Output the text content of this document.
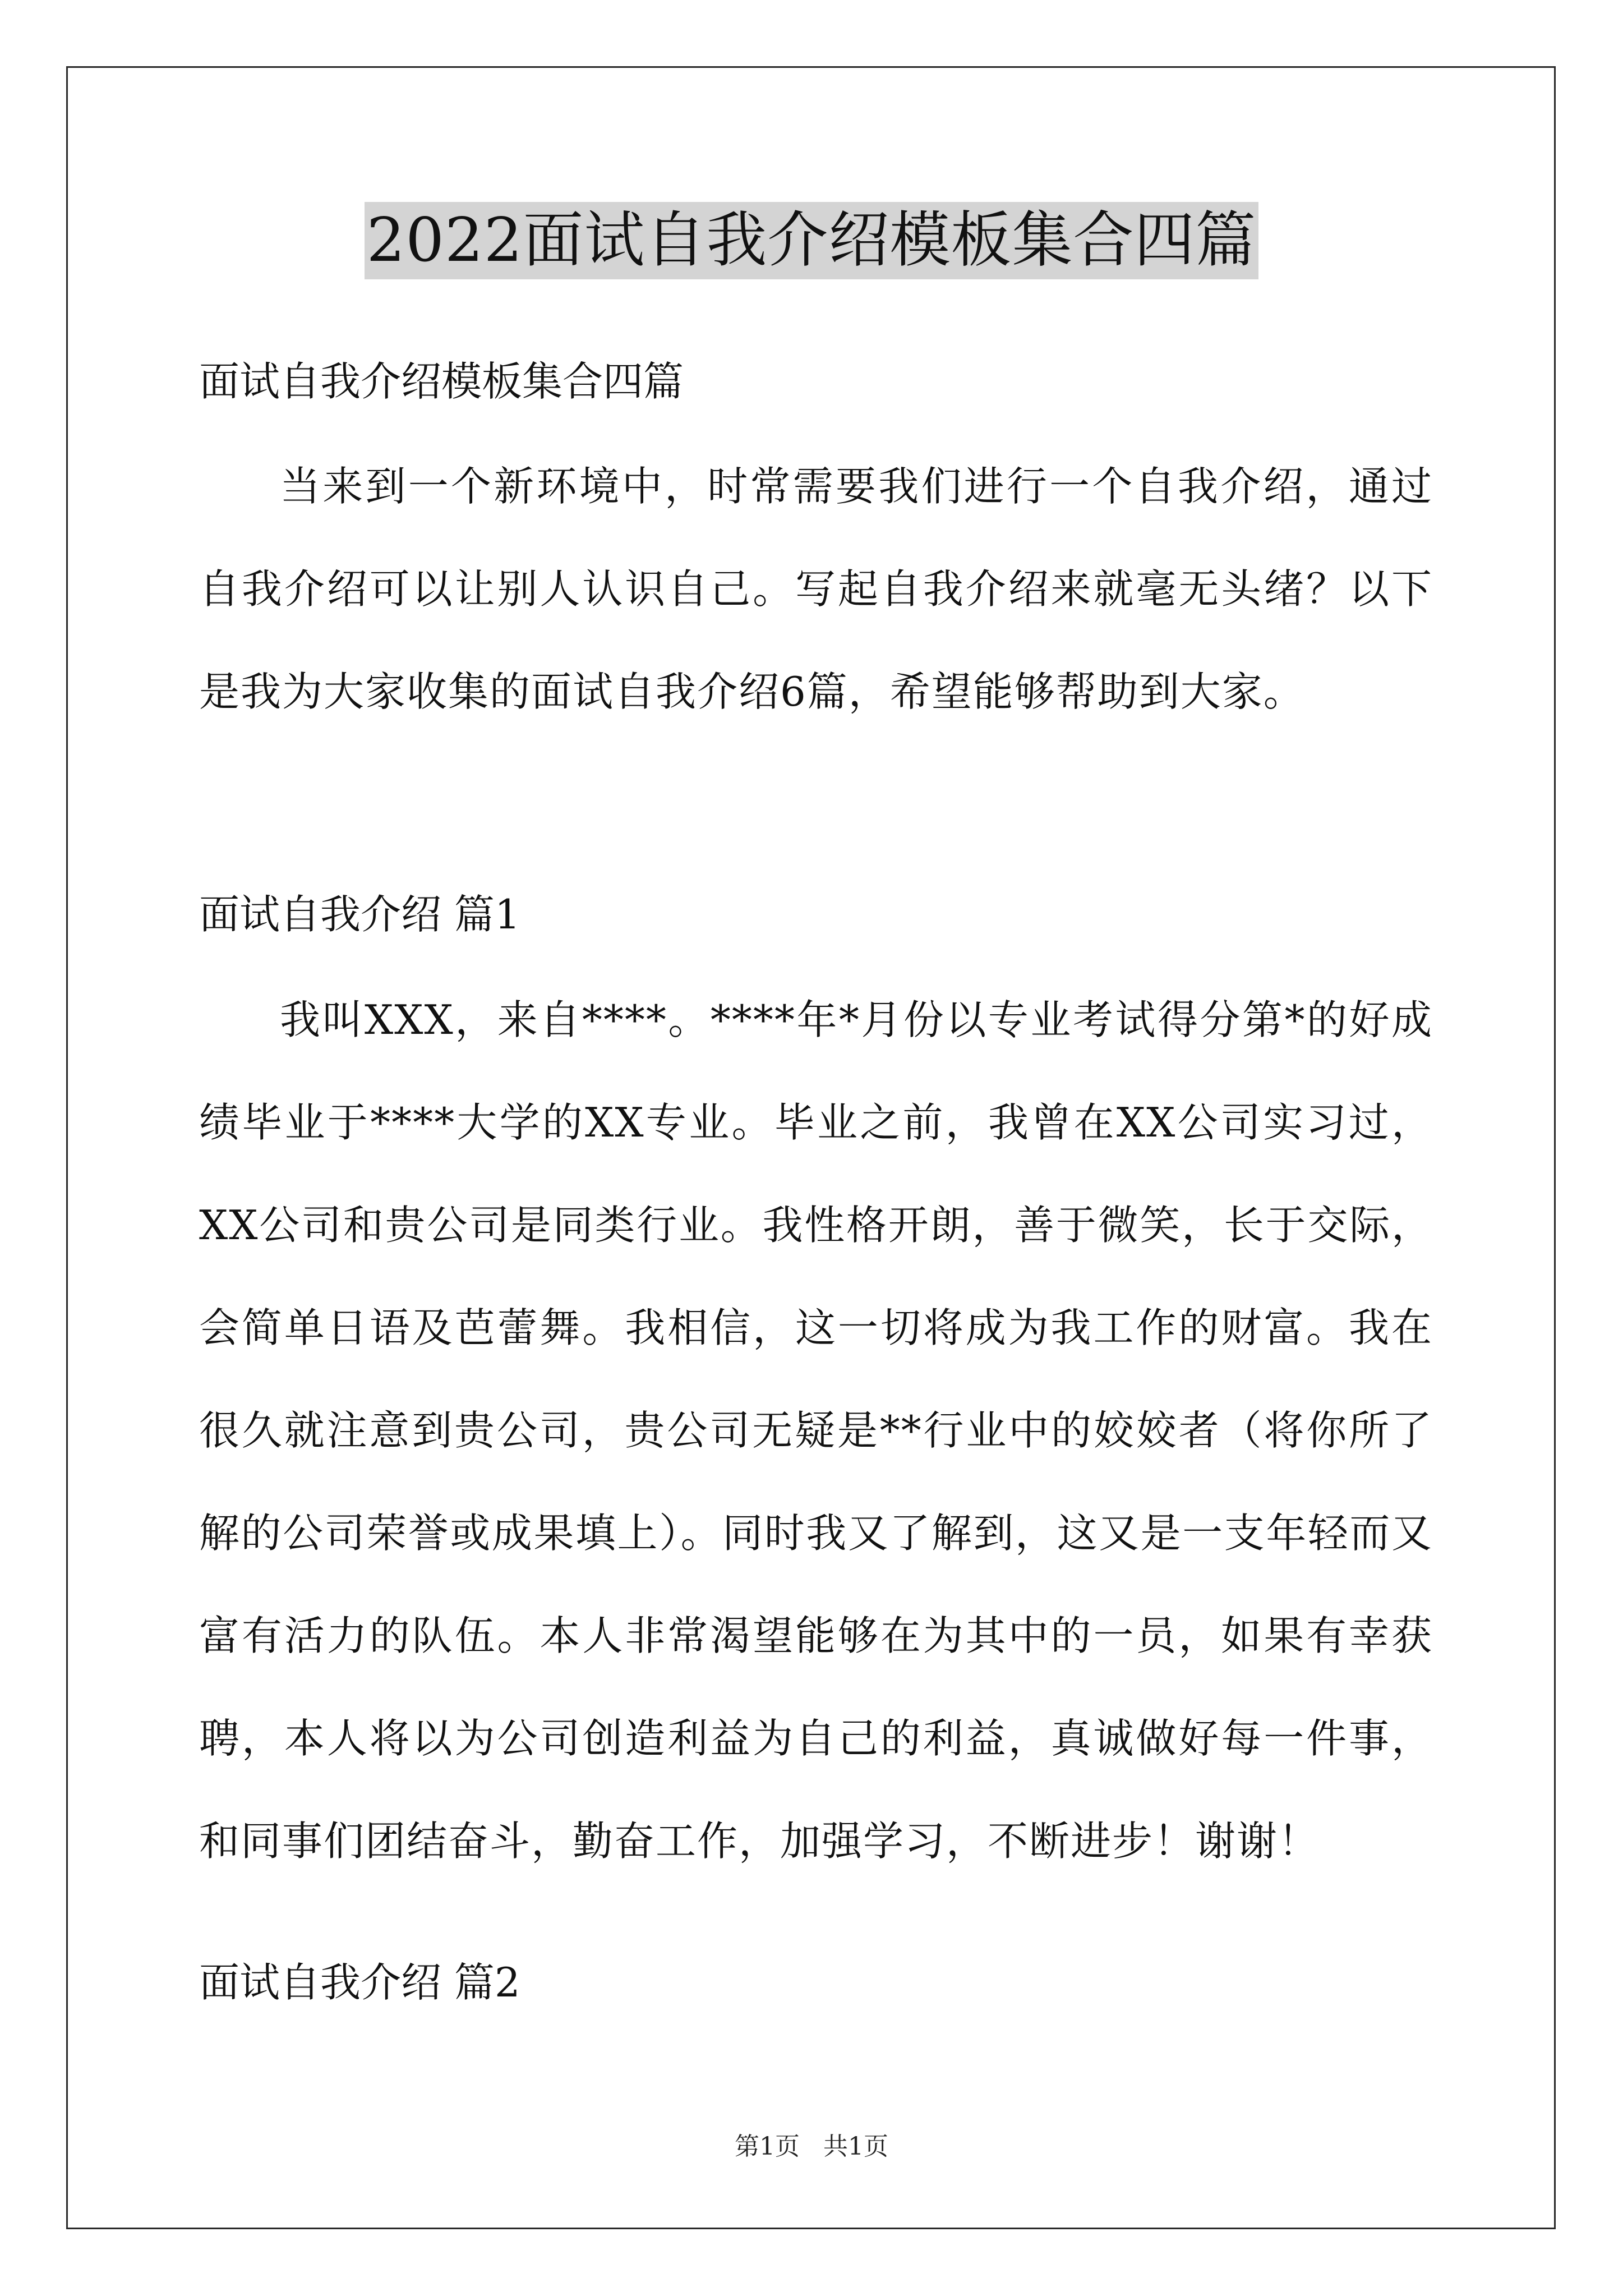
2022面试自我介绍模板集合四篇

面试自我介绍模板集合四篇

当来到一个新环境中，时常需要我们进行一个自我介绍，通过自我介绍可以让别人认识自己。写起自我介绍来就毫无头绪？以下是我为大家收集的面试自我介绍6篇，希望能够帮助到大家。

面试自我介绍 篇1

我叫XXX，来自****。****年*月份以专业考试得分第*的好成绩毕业于****大学的XX专业。毕业之前，我曾在XX公司实习过，XX公司和贵公司是同类行业。我性格开朗，善于微笑，长于交际，会简单日语及芭蕾舞。我相信，这一切将成为我工作的财富。我在很久就注意到贵公司，贵公司无疑是**行业中的姣姣者（将你所了解的公司荣誉或成果填上）。同时我又了解到，这又是一支年轻而又富有活力的队伍。本人非常渴望能够在为其中的一员，如果有幸获聘，本人将以为公司创造利益为自己的利益，真诚做好每一件事，和同事们团结奋斗，勤奋工作，加强学习，不断进步！谢谢！

面试自我介绍 篇2
第1页 共1页
